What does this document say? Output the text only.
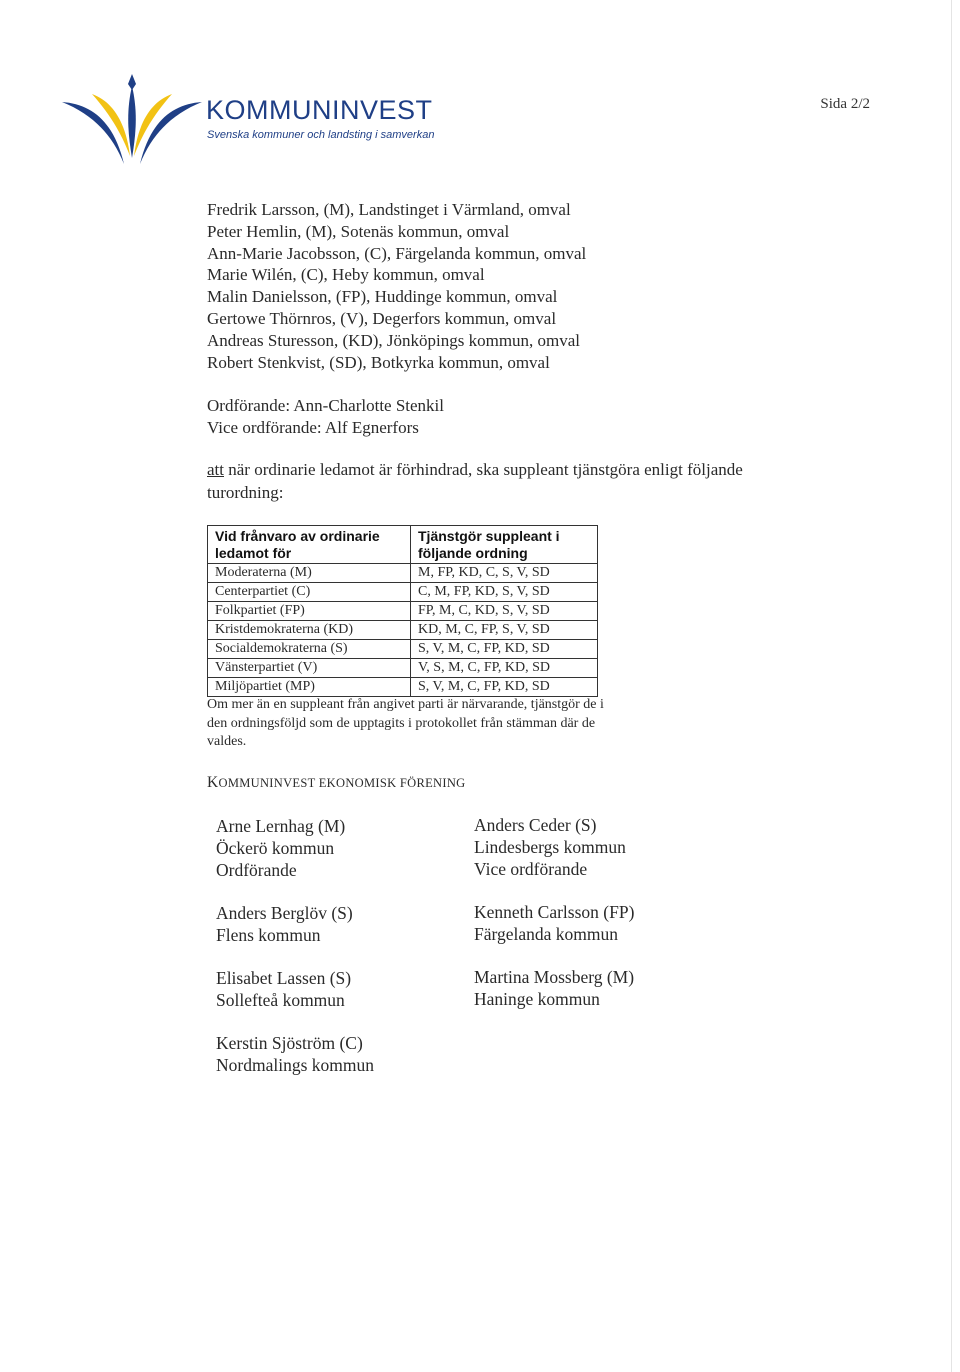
KOMMUNINVEST
Svenska kommuner och landsting i samverkan
Sida 2/2
Fredrik Larsson, (M), Landstinget i Värmland, omval
Peter Hemlin, (M), Sotenäs kommun, omval
Ann-Marie Jacobsson, (C), Färgelanda kommun, omval
Marie Wilén, (C), Heby kommun, omval
Malin Danielsson, (FP), Huddinge kommun, omval
Gertowe Thörnros, (V), Degerfors kommun, omval
Andreas Sturesson, (KD), Jönköpings kommun, omval
Robert Stenkvist, (SD), Botkyrka kommun, omval
Ordförande: Ann-Charlotte Stenkil
Vice ordförande: Alf Egnerfors
att när ordinarie ledamot är förhindrad, ska suppleant tjänstgöra enligt följande turordning:
Vid frånvaro av ordinarie ledamot för	Tjänstgör suppleant i följande ordning
Moderaterna (M)	M, FP, KD, C, S, V, SD
Centerpartiet (C)	C, M, FP, KD, S, V, SD
Folkpartiet (FP)	FP, M, C, KD, S, V, SD
Kristdemokraterna (KD)	KD, M, C, FP, S, V, SD
Socialdemokraterna (S)	S, V, M, C, FP, KD, SD
Vänsterpartiet (V)	V, S, M, C, FP, KD, SD
Miljöpartiet (MP)	S, V, M, C, FP, KD, SD
Om mer än en suppleant från angivet parti är närvarande, tjänstgör de i den ordningsföljd som de upptagits i protokollet från stämman där de valdes.
KOMMUNINVEST EKONOMISK FÖRENING
Arne Lernhag (M)
Öckerö kommun
Ordförande
Anders Ceder (S)
Lindesbergs kommun
Vice ordförande
Anders Berglöv (S)
Flens kommun
Kenneth Carlsson (FP)
Färgelanda kommun
Elisabet Lassen (S)
Sollefteå kommun
Martina Mossberg (M)
Haninge kommun
Kerstin Sjöström (C)
Nordmalings kommun
